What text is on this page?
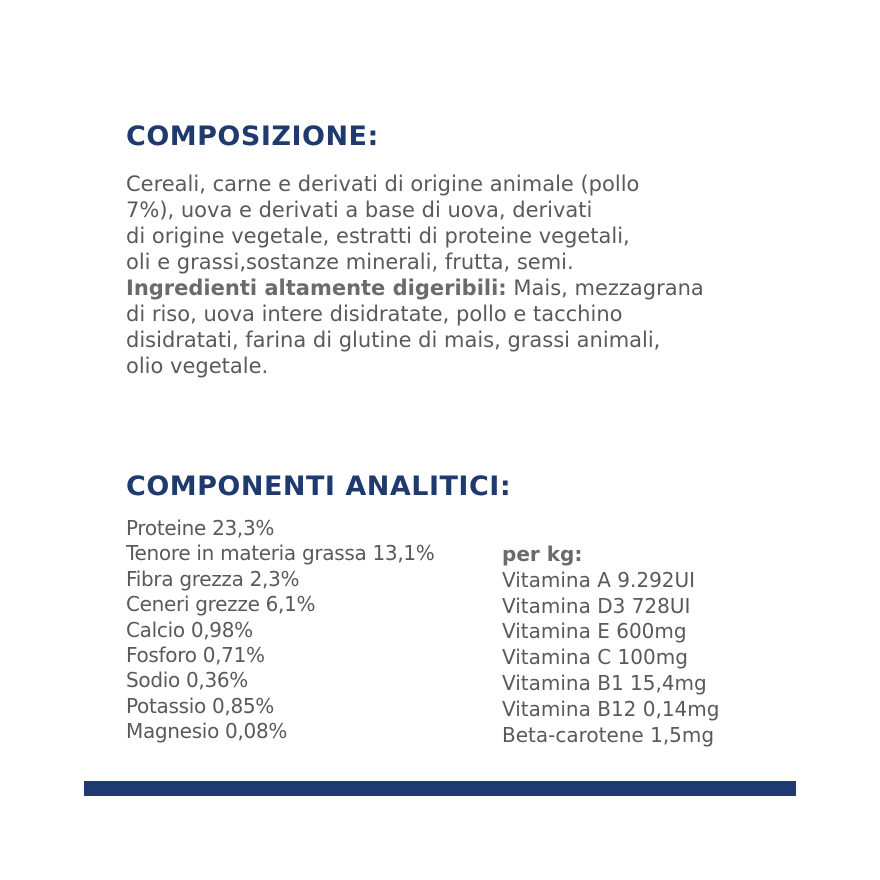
COMPOSIZIONE:
Cereali, carne e derivati di origine animale (pollo
7%), uova e derivati a base di uova, derivati
di origine vegetale, estratti di proteine vegetali,
oli e grassi,sostanze minerali, frutta, semi.
Ingredienti altamente digeribili: Mais, mezzagrana
di riso, uova intere disidratate, pollo e tacchino
disidratati, farina di glutine di mais, grassi animali,
olio vegetale.
COMPONENTI ANALITICI:
Proteine 23,3%
Tenore in materia grassa 13,1%
Fibra grezza 2,3%
Ceneri grezze 6,1%
Calcio 0,98%
Fosforo 0,71%
Sodio 0,36%
Potassio 0,85%
Magnesio 0,08%
per kg:
Vitamina A 9.292UI
Vitamina D3 728UI
Vitamina E 600mg
Vitamina C 100mg
Vitamina B1 15,4mg
Vitamina B12 0,14mg
Beta-carotene 1,5mg
